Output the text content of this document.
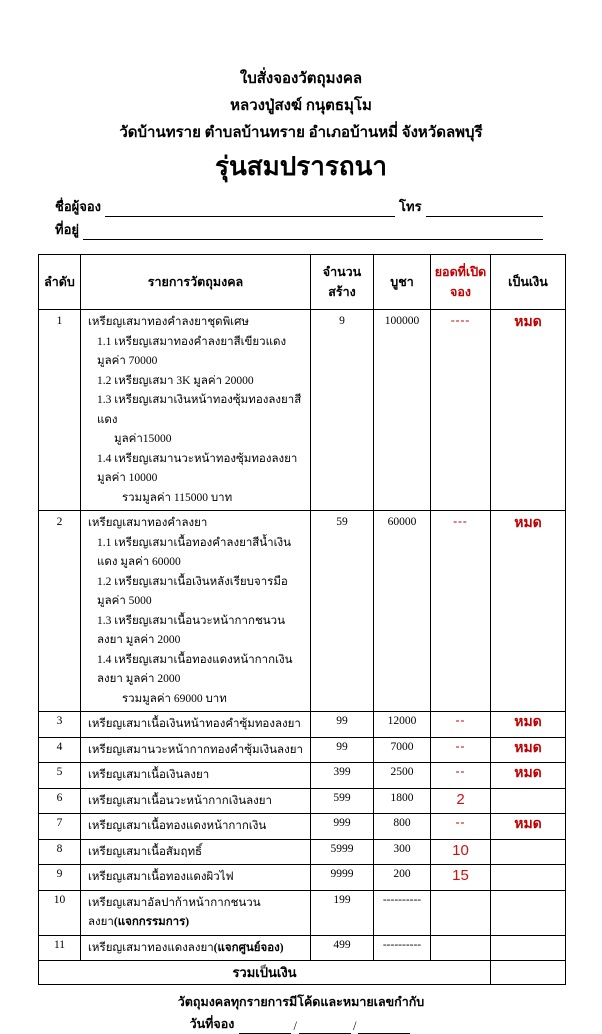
ใบสั่งจองวัตถุมงคล
หลวงปู่สงฆ์ กนุตธมุโม
วัดบ้านทราย ตำบลบ้านทราย อำเภอบ้านหมี่ จังหวัดลพบุรี
รุ่นสมปรารถนา
ชื่อผู้จอง	โทร
ที่อยู่
ลำดับ	รายการวัตถุมงคล	จำนวนสร้าง	บูชา	ยอดที่เปิดจอง	เป็นเงิน
1	เหรียญเสมาทองคำลงยาชุดพิเศษ
1.1 เหรียญเสมาทองคำลงยาสีเขียวแดง มูลค่า 70000
1.2 เหรียญเสมา 3K มูลค่า 20000
1.3 เหรียญเสมาเงินหน้าทองซุ้มทองลงยาสีแดง
มูลค่า15000
1.4 เหรียญเสมานวะหน้าทองซุ้มทองลงยา มูลค่า 10000
รวมมูลค่า 115000 บาท
	9	100000	----	หมด
2	เหรียญเสมาทองคำลงยา
1.1 เหรียญเสมาเนื้อทองคำลงยาสีน้ำเงินแดง มูลค่า 60000
1.2 เหรียญเสมาเนื้อเงินหลังเรียบจารมือ มูลค่า 5000
1.3 เหรียญเสมาเนื้อนวะหน้ากากชนวนลงยา มูลค่า 2000
1.4 เหรียญเสมาเนื้อทองแดงหน้ากากเงินลงยา มูลค่า 2000
รวมมูลค่า 69000 บาท
	59	60000	---	หมด
3	เหรียญเสมาเนื้อเงินหน้าทองคำซุ้มทองลงยา	99	12000	--	หมด
4	เหรียญเสมานวะหน้ากากทองคำซุ้มเงินลงยา	99	7000	--	หมด
5	เหรียญเสมาเนื้อเงินลงยา	399	2500	--	หมด
6	เหรียญเสมาเนื้อนวะหน้ากากเงินลงยา	599	1800	2	
7	เหรียญเสมาเนื้อทองแดงหน้ากากเงิน	999	800	--	หมด
8	เหรียญเสมาเนื้อสัมฤทธิ์	5999	300	10	
9	เหรียญเสมาเนื้อทองแดงผิวไฟ	9999	200	15	
10	เหรียญเสมาอัลปาก้าหน้ากากชนวนลงยา(แจกกรรมการ)	199	----------		
11	เหรียญเสมาทองแดงลงยา(แจกศูนย์จอง)	499	----------		
รวมเป็นเงิน					
วัตถุมงคลทุกรายการมีโค้ดและหมายเลขกำกับ
วันที่จอง
	/	/
